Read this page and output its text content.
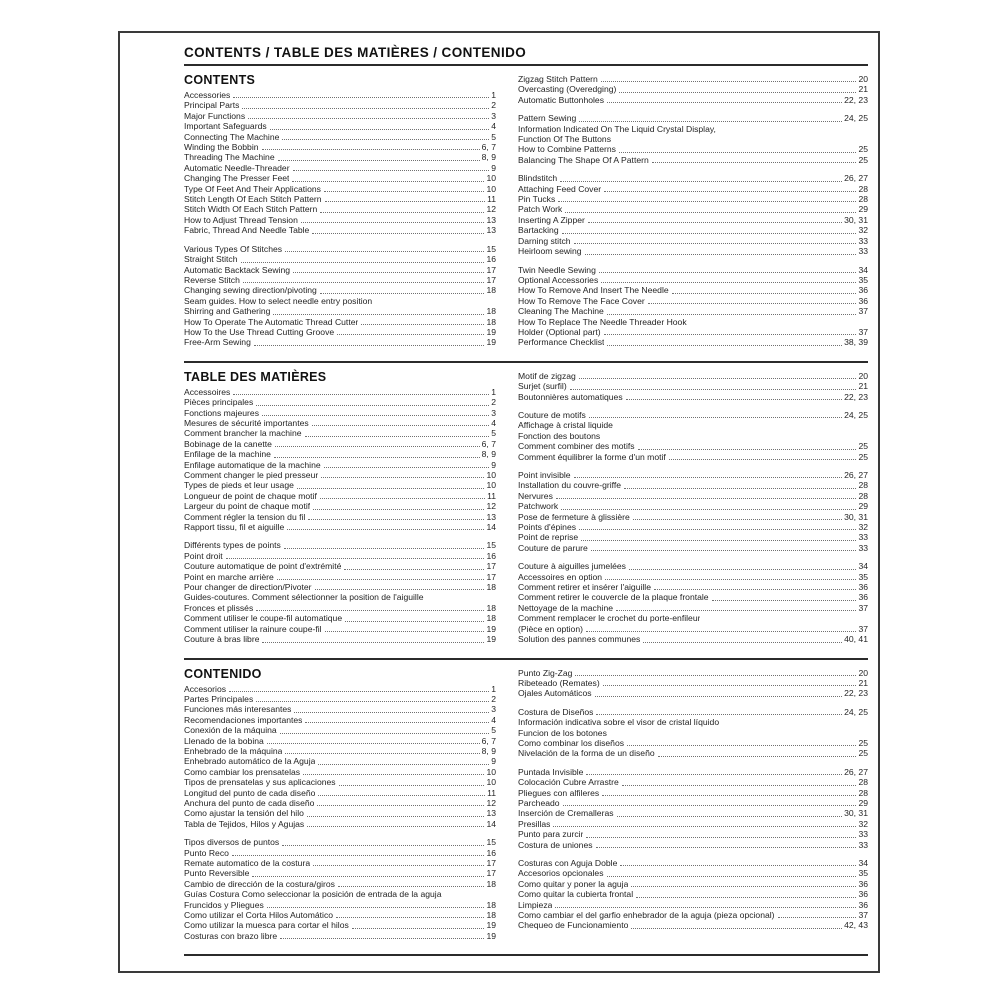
CONTENTS / TABLE DES MATIÈRES / CONTENIDO
CONTENTS
Accessories	1
Principal Parts	2
Major Functions	3
Important Safeguards	4
Connecting The Machine	5
Winding the Bobbin	6, 7
Threading The Machine	8, 9
Automatic Needle-Threader	9
Changing The Presser Feet	10
Type Of Feet And Their Applications	10
Stitch Length Of Each Stitch Pattern	11
Stitch Width Of Each Stitch Pattern	12
How to Adjust Thread Tension	13
Fabric, Thread And Needle Table	13
Various Types Of Stitches	15
Straight Stitch	16
Automatic Backtack Sewing	17
Reverse Stitch	17
Changing sewing direction/pivoting	18
Seam guides. How to select needle entry position
Shirring and Gathering	18
How To Operate The Automatic Thread Cutter	18
How To the Use Thread Cutting Groove	19
Free-Arm Sewing	19
Zigzag Stitch Pattern	20
Overcasting (Overedging)	21
Automatic Buttonholes	22, 23
Pattern Sewing	24, 25
Information Indicated On The Liquid Crystal Display,
Function Of The Buttons
How to Combine Patterns	25
Balancing The Shape Of A Pattern	25
Blindstitch	26, 27
Attaching Feed Cover	28
Pin Tucks	28
Patch Work	29
Inserting A Zipper	30, 31
Bartacking	32
Darning stitch	33
Heirloom sewing	33
Twin Needle Sewing	34
Optional Accessories	35
How To Remove And Insert The Needle	36
How To Remove The Face Cover	36
Cleaning The Machine	37
How To Replace The Needle Threader Hook
Holder (Optional part)	37
Performance Checklist	38, 39
TABLE DES MATIÈRES
Accessoires	1
Pièces principales	2
Fonctions majeures	3
Mesures de sécurité importantes	4
Comment brancher la machine	5
Bobinage de la canette	6, 7
Enfilage de la machine	8, 9
Enfilage automatique de la machine	9
Comment changer le pied presseur	10
Types de pieds et leur usage	10
Longueur de point de chaque motif	11
Largeur du point de chaque motif	12
Comment régler la tension du fil	13
Rapport tissu, fil et aiguille	14
Différents types de points	15
Point droit	16
Couture automatique de point d'extrémité	17
Point en marche arrière	17
Pour changer de direction/Pivoter	18
Guides-coutures. Comment sélectionner la position de l'aiguille
Fronces et plissés	18
Comment utiliser le coupe-fil automatique	18
Comment utiliser la rainure coupe-fil	19
Couture à bras libre	19
Motif de zigzag	20
Surjet (surfil)	21
Boutonnières automatiques	22, 23
Couture de motifs	24, 25
Affichage à cristal liquide
Fonction des boutons
Comment combiner des motifs	25
Comment équilibrer la forme d'un motif	25
Point invisible	26, 27
Installation du couvre-griffe	28
Nervures	28
Patchwork	29
Pose de fermeture à glissière	30, 31
Points d'épines	32
Point de reprise	33
Couture de parure	33
Couture à aiguilles jumelées	34
Accessoires en option	35
Comment retirer et insérer l'aiguille	36
Comment retirer le couvercle de la plaque frontale	36
Nettoyage de la machine	37
Comment remplacer le crochet du porte-enfileur
(Pièce en option)	37
Solution des pannes communes	40, 41
CONTENIDO
Accesorios	1
Partes Principales	2
Funciones más interesantes	3
Recomendaciones importantes	4
Conexión de la máquina	5
Llenado de la bobina	6, 7
Enhebrado de la máquina	8, 9
Enhebrado automático de la Aguja	9
Como cambiar los prensatelas	10
Tipos de prensatelas y sus aplicaciones	10
Longitud del punto de cada diseño	11
Anchura del punto de cada diseño	12
Como ajustar la tensión del hilo	13
Tabla de Tejidos, Hilos y Agujas	14
Tipos diversos de puntos	15
Punto Reco	16
Remate automatico de la costura	17
Punto Reversible	17
Cambio de dirección de la costura/giros	18
Guías Costura Como seleccionar la posición de entrada de la aguja
Fruncidos y Pliegues	18
Como utilizar el Corta Hilos Automático	18
Como utilizar la muesca para cortar el hilos	19
Costuras con brazo libre	19
Punto Zig-Zag	20
Ribeteado (Remates)	21
Ojales Automáticos	22, 23
Costura de Diseños	24, 25
Información indicativa sobre el visor de cristal líquido
Funcion de los botones
Como combinar los diseños	25
Nivelación de la forma de un diseño	25
Puntada Invisible	26, 27
Colocación Cubre Arrastre	28
Pliegues con alfileres	28
Parcheado	29
Inserción de Cremalleras	30, 31
Presillas	32
Punto para zurcir	33
Costura de uniones	33
Costuras con Aguja Doble	34
Accesorios opcionales	35
Como quitar y poner la aguja	36
Como quitar la cubierta frontal	36
Limpieza	36
Como cambiar el del garfio enhebrador de la aguja (pieza opcional)	37
Chequeo de Funcionamiento	42, 43
